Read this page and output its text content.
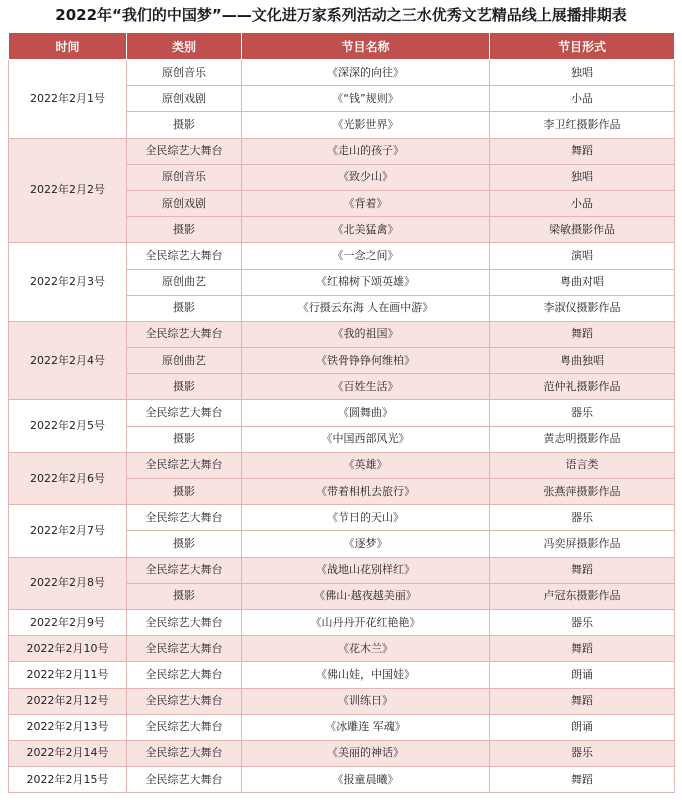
2022年“我们的中国梦”——文化进万家系列活动之三水优秀文艺精品线上展播排期表
时间	类别	节目名称	节目形式
2022年2月1号	原创音乐	《深深的向往》	独唱
	原创戏剧	《“钱”规则》	小品
	摄影	《光影世界》	李卫红摄影作品
2022年2月2号	全民综艺大舞台	《走山的孩子》	舞蹈
	原创音乐	《致少山》	独唱
	原创戏剧	《背着》	小品
	摄影	《北美猛禽》	梁敏摄影作品
2022年2月3号	全民综艺大舞台	《一念之间》	演唱
	原创曲艺	《红棉树下颂英雄》	粤曲对唱
	摄影	《行摄云东海 人在画中游》	李淑仪摄影作品
2022年2月4号	全民综艺大舞台	《我的祖国》	舞蹈
	原创曲艺	《铁骨铮铮何维柏》	粤曲独唱
	摄影	《百姓生活》	范仲礼摄影作品
2022年2月5号	全民综艺大舞台	《圆舞曲》	器乐
	摄影	《中国西部风光》	黄志明摄影作品
2022年2月6号	全民综艺大舞台	《英雄》	语言类
	摄影	《带着相机去旅行》	张燕萍摄影作品
2022年2月7号	全民综艺大舞台	《节日的天山》	器乐
	摄影	《逐梦》	冯奕屏摄影作品
2022年2月8号	全民综艺大舞台	《战地山花别样红》	舞蹈
	摄影	《佛山·越夜越美丽》	卢冠东摄影作品
2022年2月9号	全民综艺大舞台	《山丹丹开花红艳艳》	器乐
2022年2月10号	全民综艺大舞台	《花木兰》	舞蹈
2022年2月11号	全民综艺大舞台	《佛山娃，中国娃》	朗诵
2022年2月12号	全民综艺大舞台	《训练日》	舞蹈
2022年2月13号	全民综艺大舞台	《冰雕连 军魂》	朗诵
2022年2月14号	全民综艺大舞台	《美丽的神话》	器乐
2022年2月15号	全民综艺大舞台	《报童晨曦》	舞蹈
